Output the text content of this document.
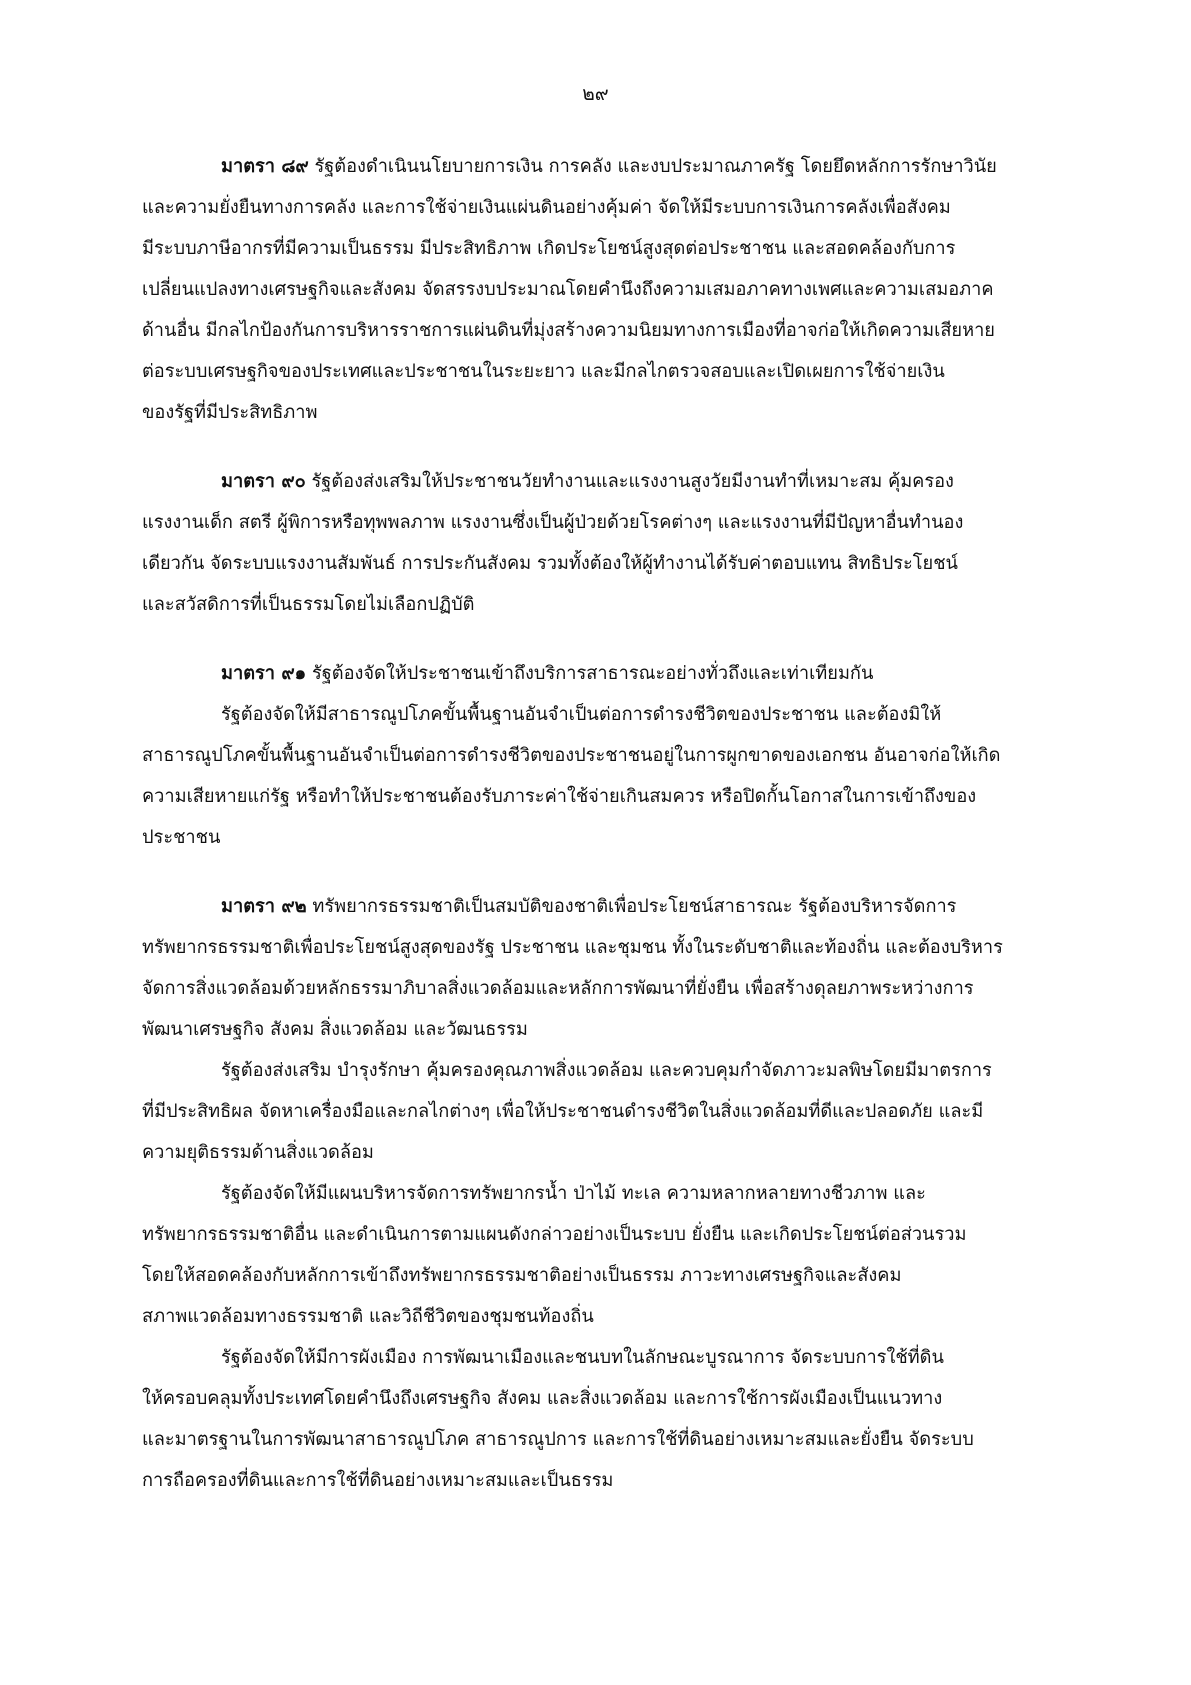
๒๙
มาตรา ๘๙ รัฐต้องดำเนินนโยบายการเงิน การคลัง และงบประมาณภาครัฐ โดยยึดหลักการรักษาวินัย
และความยั่งยืนทางการคลัง และการใช้จ่ายเงินแผ่นดินอย่างคุ้มค่า จัดให้มีระบบการเงินการคลังเพื่อสังคม
มีระบบภาษีอากรที่มีความเป็นธรรม มีประสิทธิภาพ เกิดประโยชน์สูงสุดต่อประชาชน และสอดคล้องกับการ
เปลี่ยนแปลงทางเศรษฐกิจและสังคม จัดสรรงบประมาณโดยคำนึงถึงความเสมอภาคทางเพศและความเสมอภาค
ด้านอื่น มีกลไกป้องกันการบริหารราชการแผ่นดินที่มุ่งสร้างความนิยมทางการเมืองที่อาจก่อให้เกิดความเสียหาย
ต่อระบบเศรษฐกิจของประเทศและประชาชนในระยะยาว และมีกลไกตรวจสอบและเปิดเผยการใช้จ่ายเงิน
ของรัฐที่มีประสิทธิภาพ
มาตรา ๙๐ รัฐต้องส่งเสริมให้ประชาชนวัยทำงานและแรงงานสูงวัยมีงานทำที่เหมาะสม คุ้มครอง
แรงงานเด็ก สตรี ผู้พิการหรือทุพพลภาพ แรงงานซึ่งเป็นผู้ป่วยด้วยโรคต่างๆ และแรงงานที่มีปัญหาอื่นทำนอง
เดียวกัน จัดระบบแรงงานสัมพันธ์ การประกันสังคม รวมทั้งต้องให้ผู้ทำงานได้รับค่าตอบแทน สิทธิประโยชน์
และสวัสดิการที่เป็นธรรมโดยไม่เลือกปฏิบัติ
มาตรา ๙๑ รัฐต้องจัดให้ประชาชนเข้าถึงบริการสาธารณะอย่างทั่วถึงและเท่าเทียมกัน
รัฐต้องจัดให้มีสาธารณูปโภคขั้นพื้นฐานอันจำเป็นต่อการดำรงชีวิตของประชาชน และต้องมิให้
สาธารณูปโภคขั้นพื้นฐานอันจำเป็นต่อการดำรงชีวิตของประชาชนอยู่ในการผูกขาดของเอกชน อันอาจก่อให้เกิด
ความเสียหายแก่รัฐ หรือทำให้ประชาชนต้องรับภาระค่าใช้จ่ายเกินสมควร หรือปิดกั้นโอกาสในการเข้าถึงของ
ประชาชน
มาตรา ๙๒ ทรัพยากรธรรมชาติเป็นสมบัติของชาติเพื่อประโยชน์สาธารณะ รัฐต้องบริหารจัดการ
ทรัพยากรธรรมชาติเพื่อประโยชน์สูงสุดของรัฐ ประชาชน และชุมชน ทั้งในระดับชาติและท้องถิ่น และต้องบริหาร
จัดการสิ่งแวดล้อมด้วยหลักธรรมาภิบาลสิ่งแวดล้อมและหลักการพัฒนาที่ยั่งยืน เพื่อสร้างดุลยภาพระหว่างการ
พัฒนาเศรษฐกิจ สังคม สิ่งแวดล้อม และวัฒนธรรม
รัฐต้องส่งเสริม บำรุงรักษา คุ้มครองคุณภาพสิ่งแวดล้อม และควบคุมกำจัดภาวะมลพิษโดยมีมาตรการ
ที่มีประสิทธิผล จัดหาเครื่องมือและกลไกต่างๆ เพื่อให้ประชาชนดำรงชีวิตในสิ่งแวดล้อมที่ดีและปลอดภัย และมี
ความยุติธรรมด้านสิ่งแวดล้อม
รัฐต้องจัดให้มีแผนบริหารจัดการทรัพยากรน้ำ ป่าไม้ ทะเล ความหลากหลายทางชีวภาพ และ
ทรัพยากรธรรมชาติอื่น และดำเนินการตามแผนดังกล่าวอย่างเป็นระบบ ยั่งยืน และเกิดประโยชน์ต่อส่วนรวม
โดยให้สอดคล้องกับหลักการเข้าถึงทรัพยากรธรรมชาติอย่างเป็นธรรม ภาวะทางเศรษฐกิจและสังคม
สภาพแวดล้อมทางธรรมชาติ และวิถีชีวิตของชุมชนท้องถิ่น
รัฐต้องจัดให้มีการผังเมือง การพัฒนาเมืองและชนบทในลักษณะบูรณาการ จัดระบบการใช้ที่ดิน
ให้ครอบคลุมทั้งประเทศโดยคำนึงถึงเศรษฐกิจ สังคม และสิ่งแวดล้อม และการใช้การผังเมืองเป็นแนวทาง
และมาตรฐานในการพัฒนาสาธารณูปโภค สาธารณูปการ และการใช้ที่ดินอย่างเหมาะสมและยั่งยืน จัดระบบ
การถือครองที่ดินและการใช้ที่ดินอย่างเหมาะสมและเป็นธรรม
